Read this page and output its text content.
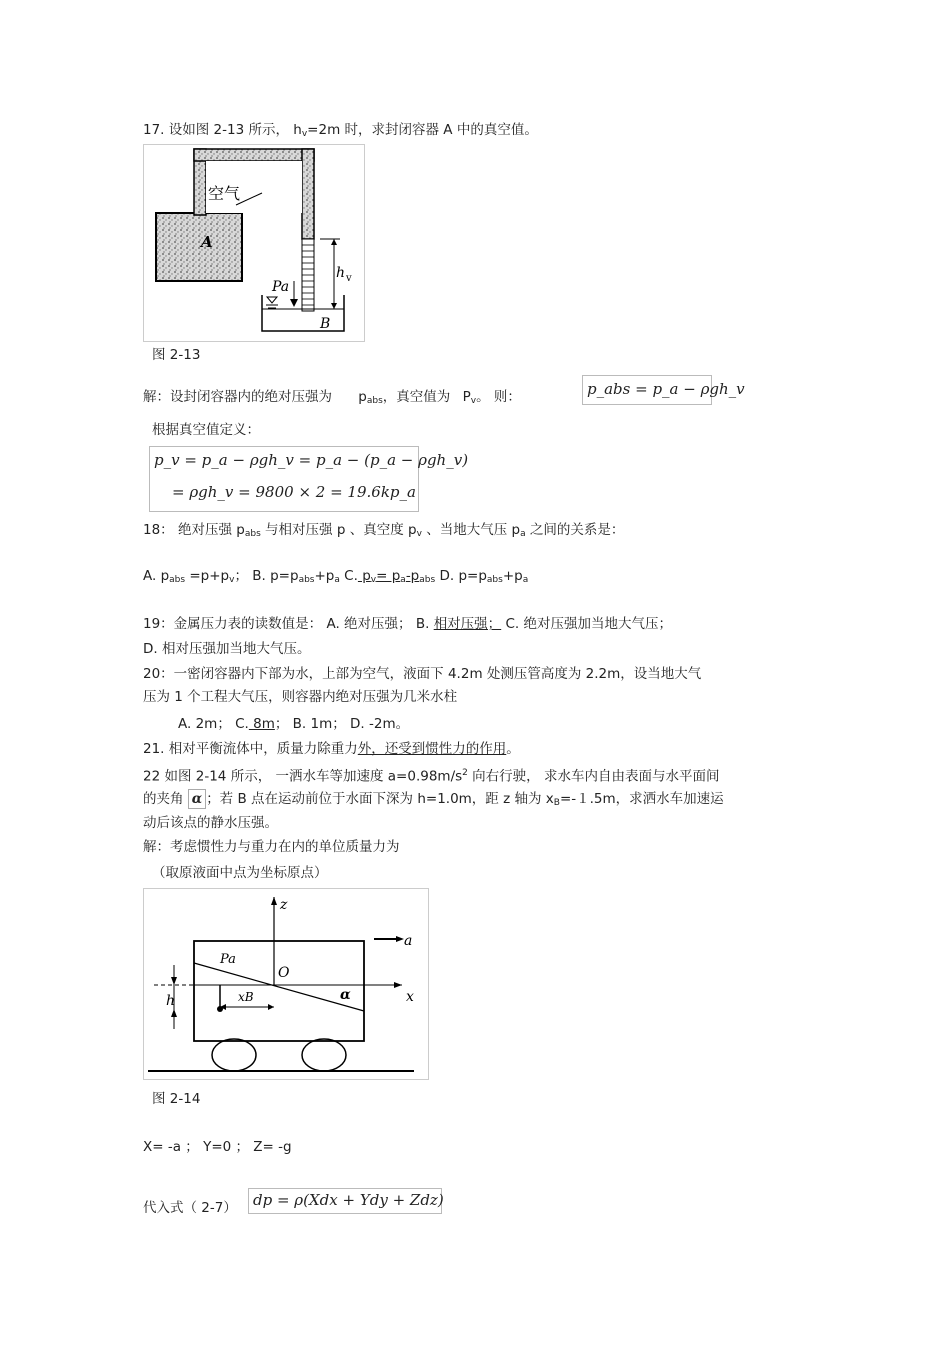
17. 设如图 2-13 所示， $h_v=2m$ 时，求封闭容器 A 中的真空值。
空气
A
Pa
B
h v
图 2-13
解：设封闭容器内的绝对压强为 $p_{abs}$，真空值为 $P_v$。 则：	p_abs = p_a − ρgh_v
根据真空值定义：
p_v = p_a − ρgh_v = p_a − (p_a − ρgh_v)
= ρgh_v = 9800 × 2 = 19.6kp_a
18： 绝对压强 $p_{abs}$ 与相对压强 p 、真空度 $p_v$ 、当地大气压 $p_a$ 之间的关系是：
A. $p_{abs} =p+p_v$； B. $p=p_{abs}+p_a$ C. $p_v= p_a-p_{abs}$ D. $p=p_{abs}+p_a$
19：金属压力表的读数值是： A. 绝对压强； B. 相对压强； C. 绝对压强加当地大气压；
D. 相对压强加当地大气压。
20：一密闭容器内下部为水，上部为空气，液面下 4.2m 处测压管高度为 2.2m，设当地大气
压为 1 个工程大气压，则容器内绝对压强为几米水柱
A. 2m； C. 8m； B. 1m； D. -2m。
21. 相对平衡流体中，质量力除重力外，还受到惯性力的作用。
22 如图 2-14 所示， 一洒水车等加速度 $a=0.98m/s^2$ 向右行驶， 求水车内自由表面与水平面间
的夹角 α ；若 B 点在运动前位于水面下深为 h=1.0m，距 z 轴为 $x_B=-1.5m$，求洒水车加速运
动后该点的静水压强。
解：考虑惯性力与重力在内的单位质量力为
（取原液面中点为坐标原点）
z
x
a
Pa
O
α
h	xB
图 2-14
X= -a ； Y=0 ； Z= -g
代入式（ 2-7） dp = ρ(Xdx + Ydy + Zdz)
